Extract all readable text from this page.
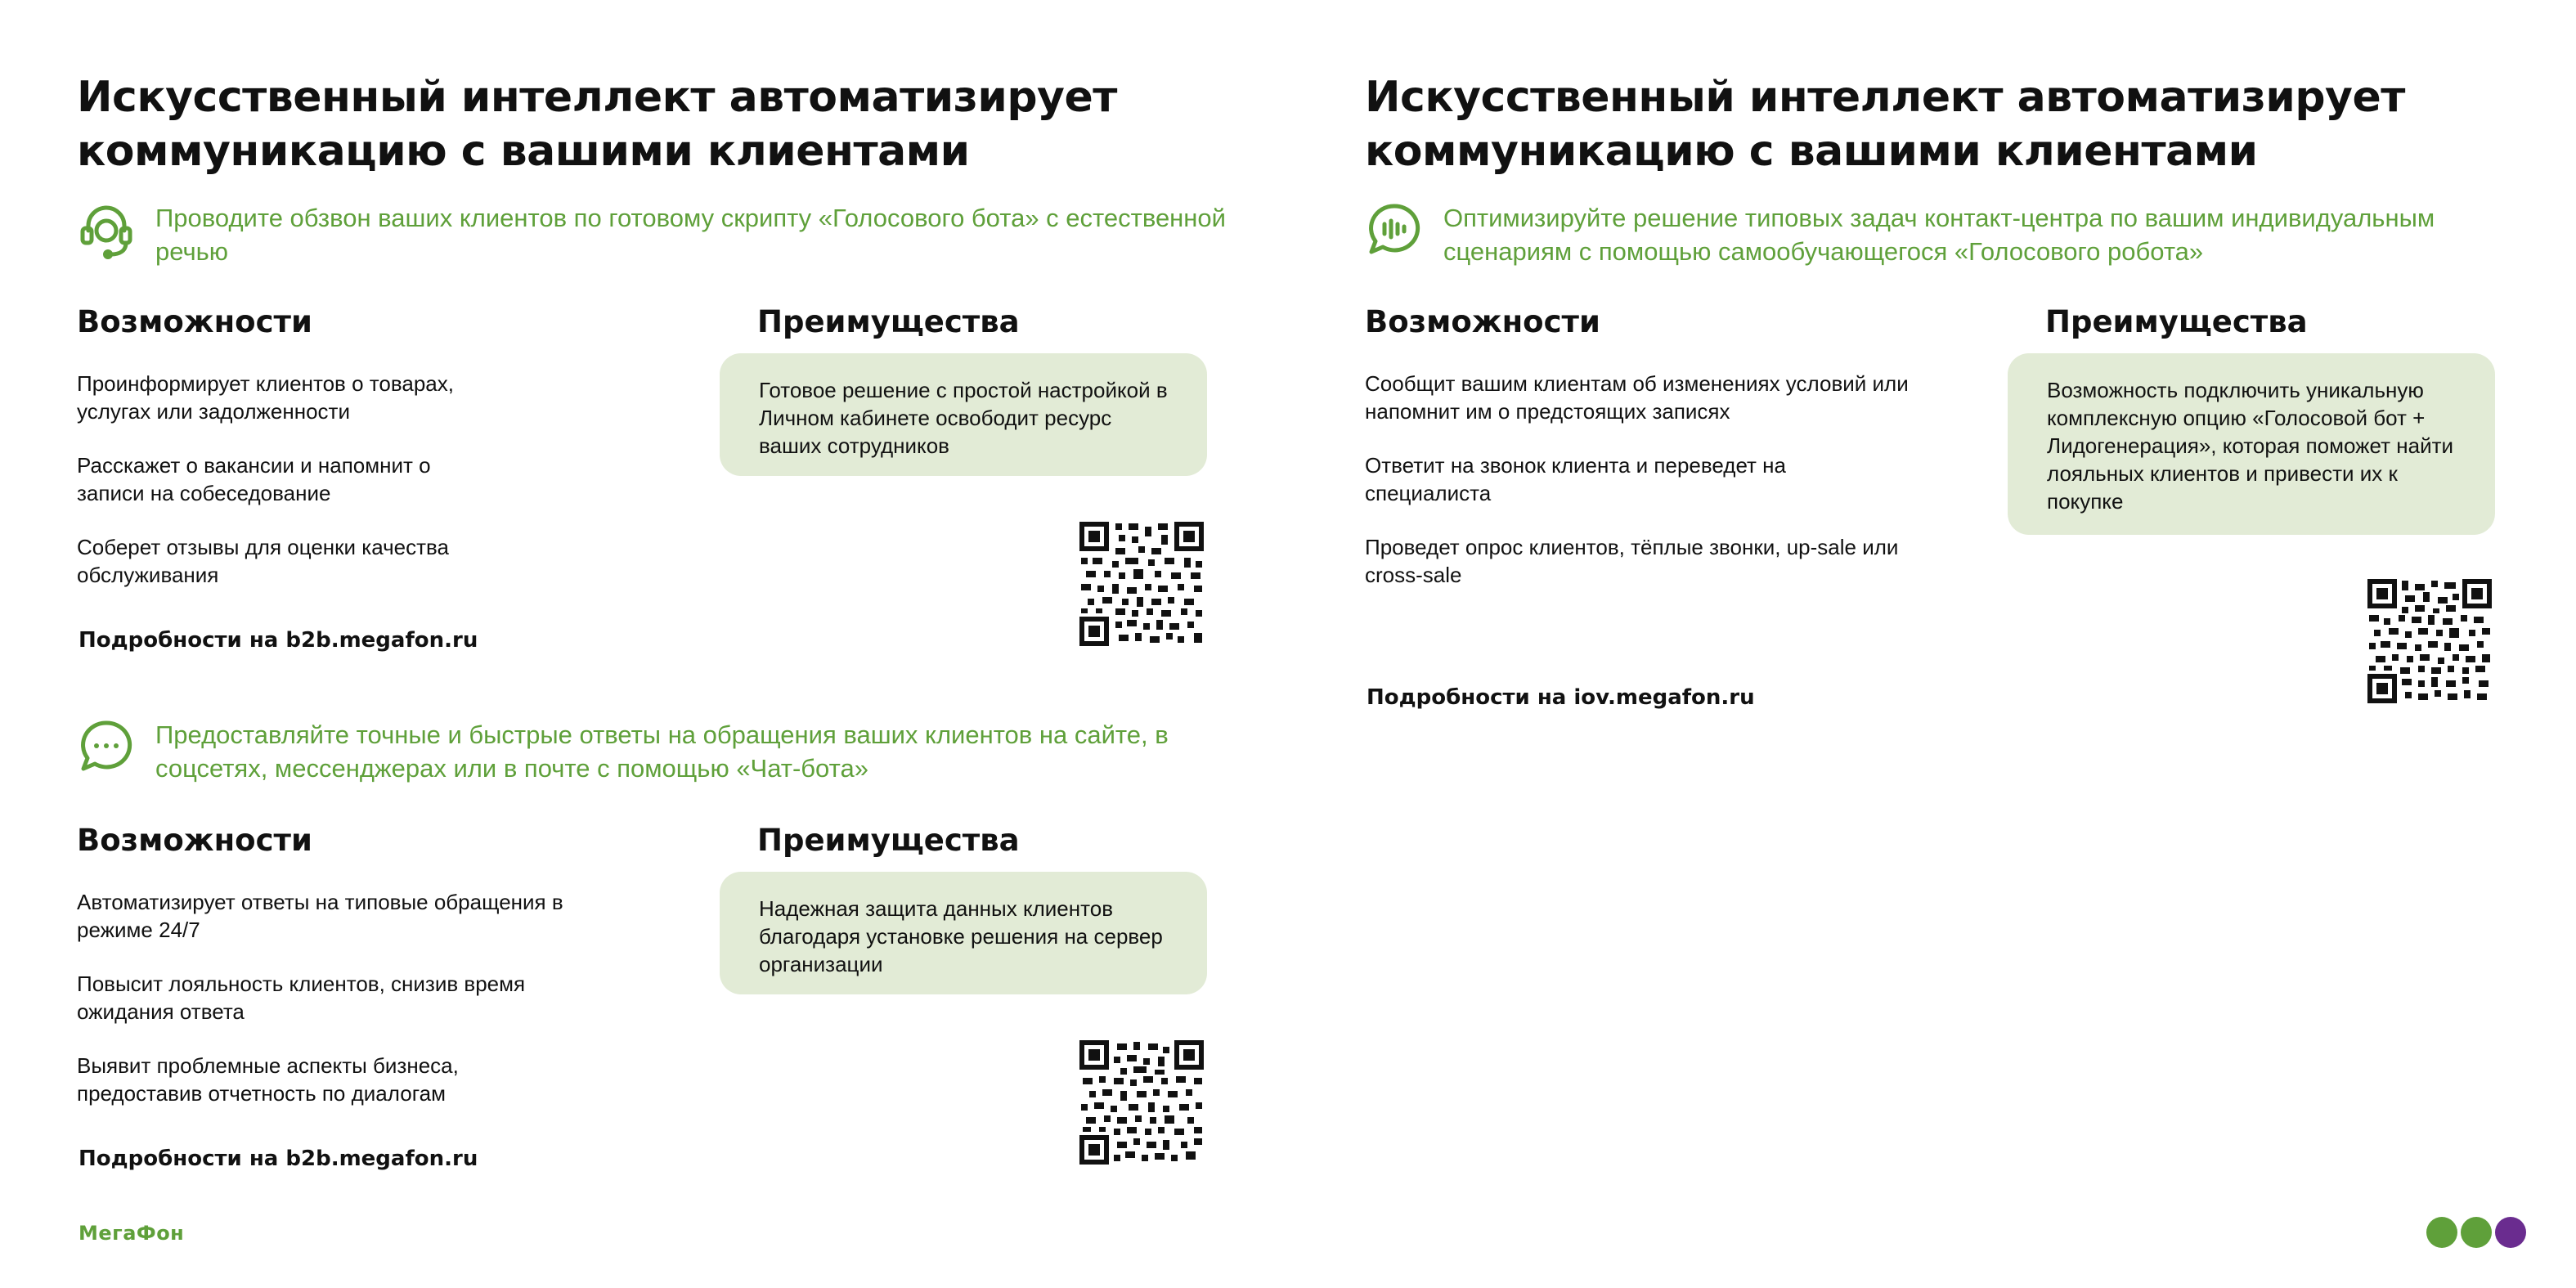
Искусственный интеллект автоматизирует коммуникацию с вашими клиентами

Проводите обзвон ваших клиентов по готовому скрипту «Голосового бота» с естественной речью

Возможности	Преимущества

Проинформирует клиентов о товарах, услугах или задолженности

Расскажет о вакансии и напомнит о записи на собеседование

Соберет отзывы для оценки качества обслуживания

Готовое решение с простой настройкой в Личном кабинете освободит ресурс ваших сотрудников

Подробности на b2b.megafon.ru

Предоставляйте точные и быстрые ответы на обращения ваших клиентов на сайте, в соцсетях, мессенджерах или в почте с помощью «Чат-бота»

Возможности	Преимущества

Автоматизирует ответы на типовые обращения в режиме 24/7

Повысит лояльность клиентов, снизив время ожидания ответа

Выявит проблемные аспекты бизнеса, предоставив отчетность по диалогам

Надежная защита данных клиентов благодаря установке решения на сервер организации

Подробности на b2b.megafon.ru

МегаФон
Искусственный интеллект автоматизирует коммуникацию с вашими клиентами

Оптимизируйте решение типовых задач контакт-центра по вашим индивидуальным сценариям с помощью самообучающегося «Голосового робота»

Возможности	Преимущества

Сообщит вашим клиентам об изменениях условий или напомнит им о предстоящих записях

Ответит на звонок клиента и переведет на специалиста

Проведет опрос клиентов, тёплые звонки, up-sale или cross-sale

Возможность подключить уникальную комплексную опцию «Голосовой бот + Лидогенерация», которая поможет найти лояльных клиентов и привести их к покупке

Подробности на iov.megafon.ru
